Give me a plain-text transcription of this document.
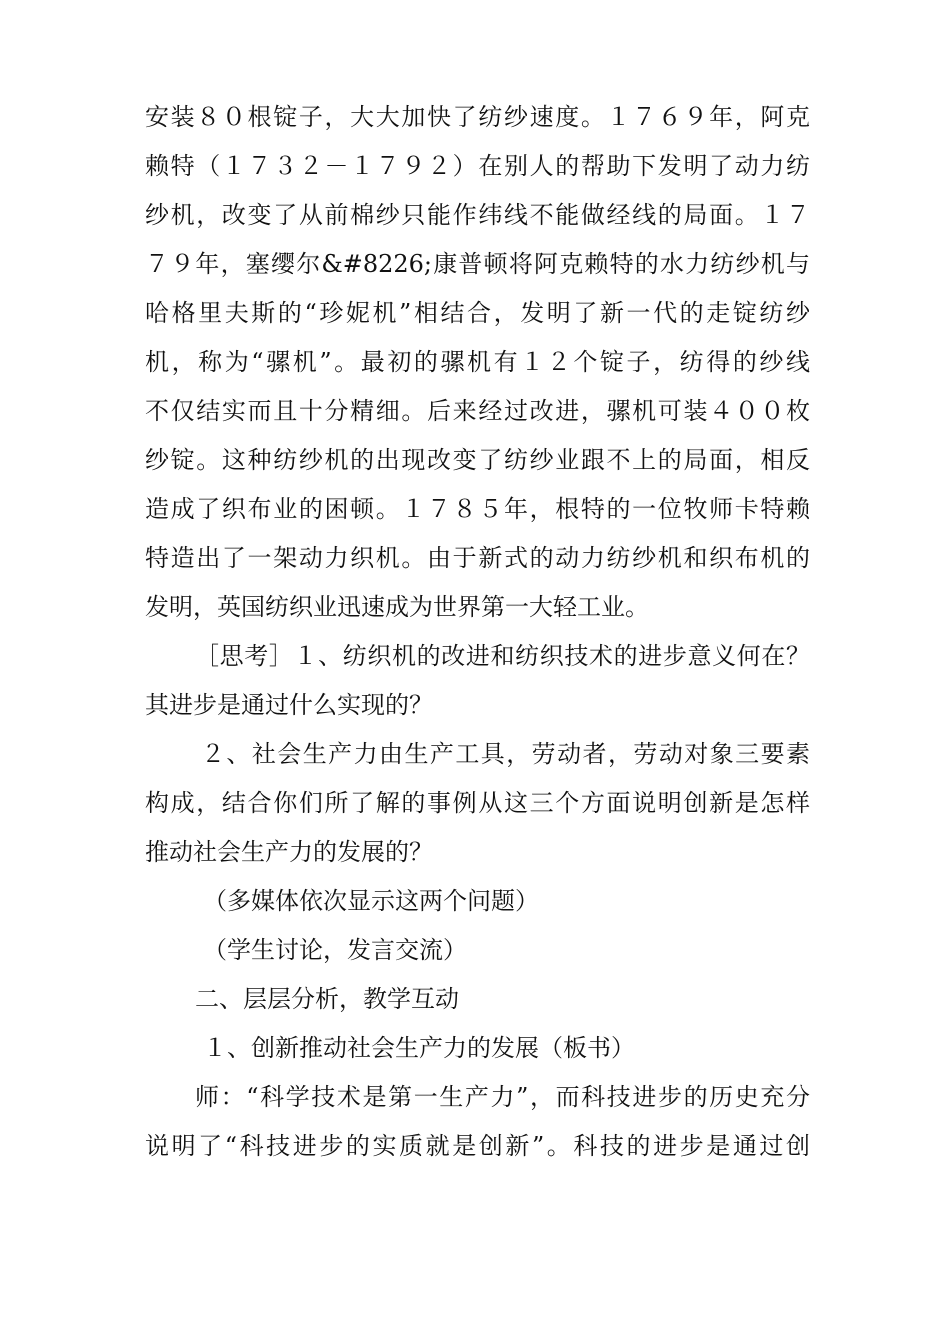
安装８０根锭子，大大加快了纺纱速度。１７６９年，阿克
赖特（１７３２－１７９２）在别人的帮助下发明了动力纺
纱机，改变了从前棉纱只能作纬线不能做经线的局面。１７
７９年，塞缨尔&#8226;康普顿将阿克赖特的水力纺纱机与
哈格里夫斯的“珍妮机”相结合，发明了新一代的走锭纺纱
机，称为“骡机”。最初的骡机有１２个锭子，纺得的纱线
不仅结实而且十分精细。后来经过改进，骡机可装４００枚
纱锭。这种纺纱机的出现改变了纺纱业跟不上的局面，相反
造成了织布业的困顿。１７８５年，根特的一位牧师卡特赖
特造出了一架动力织机。由于新式的动力纺纱机和织布机的
发明，英国纺织业迅速成为世界第一大轻工业。
［思考］１、纺织机的改进和纺织技术的进步意义何在？
其进步是通过什么实现的？
２、社会生产力由生产工具，劳动者，劳动对象三要素
构成，结合你们所了解的事例从这三个方面说明创新是怎样
推动社会生产力的发展的？
（多媒体依次显示这两个问题）
（学生讨论，发言交流）
二、层层分析，教学互动
１、创新推动社会生产力的发展（板书）
师：“科学技术是第一生产力”，而科技进步的历史充分
说明了“科技进步的实质就是创新”。科技的进步是通过创
